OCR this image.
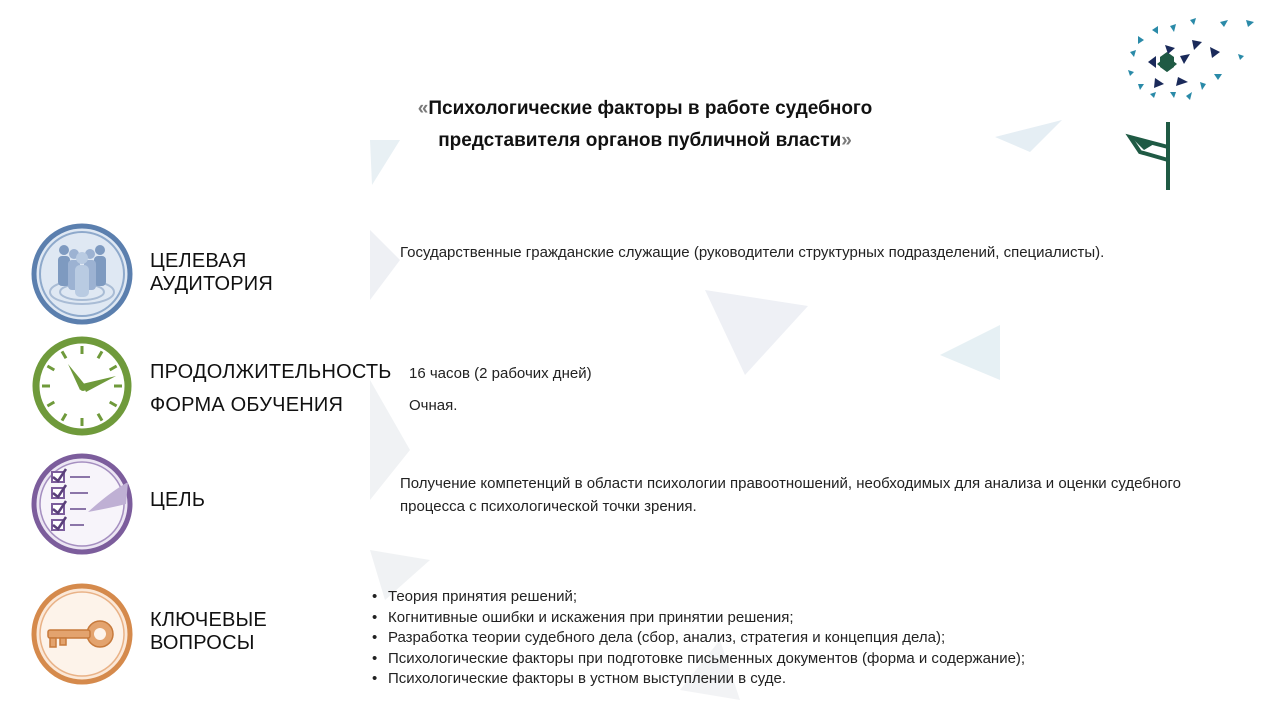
«Психологические факторы в работе судебного
представителя органов публичной власти»
ЦЕЛЕВАЯ
АУДИТОРИЯ
ПРОДОЛЖИТЕЛЬНОСТЬ
ФОРМА ОБУЧЕНИЯ
ЦЕЛЬ
КЛЮЧЕВЫЕ
ВОПРОСЫ
Государственные гражданские служащие (руководители структурных подразделений, специалисты).
16 часов (2 рабочих дней)
Очная.
Получение компетенций в области психологии правоотношений, необходимых для анализа и оценки судебного процесса с психологической точки зрения.
• Теория принятия решений;
• Когнитивные ошибки и искажения при принятии решения;
• Разработка теории судебного дела (сбор, анализ, стратегия и концепция дела);
• Психологические факторы при подготовке письменных документов (форма и содержание);
• Психологические факторы в устном выступлении в суде.
